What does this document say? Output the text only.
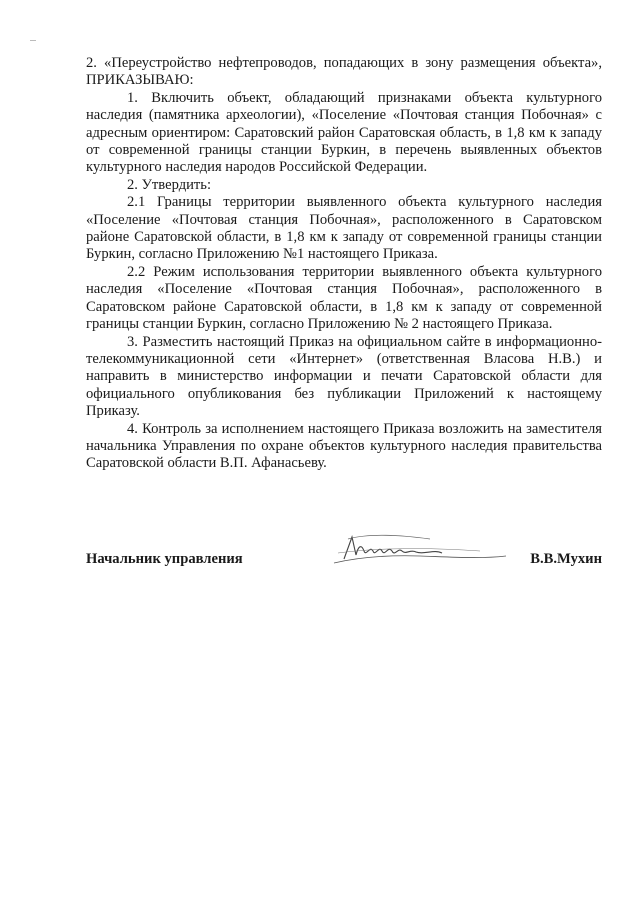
2. «Переустройство нефтепроводов, попадающих в зону размещения объекта», ПРИКАЗЫВАЮ:

1. Включить объект, обладающий признаками объекта культурного наследия (памятника археологии), «Поселение «Почтовая станция Побочная» с адресным ориентиром: Саратовский район Саратовская область, в 1,8 км к западу от современной границы станции Буркин, в перечень выявленных объектов культурного наследия народов Российской Федерации.

2. Утвердить:

2.1 Границы территории выявленного объекта культурного наследия «Поселение «Почтовая станция Побочная», расположенного в Саратовском районе Саратовской области, в 1,8 км к западу от современной границы станции Буркин, согласно Приложению №1 настоящего Приказа.

2.2 Режим использования территории выявленного объекта культурного наследия «Поселение «Почтовая станция Побочная», расположенного в Саратовском районе Саратовской области, в 1,8 км к западу от современной границы станции Буркин, согласно Приложению № 2 настоящего Приказа.

3. Разместить настоящий Приказ на официальном сайте в информационно-телекоммуникационной сети «Интернет» (ответственная Власова Н.В.) и направить в министерство информации и печати Саратовской области для официального опубликования без публикации Приложений к настоящему Приказу.

4. Контроль за исполнением настоящего Приказа возложить на заместителя начальника Управления по охране объектов культурного наследия правительства Саратовской области В.П. Афанасьеву.

Начальник управления	В.В.Мухин
